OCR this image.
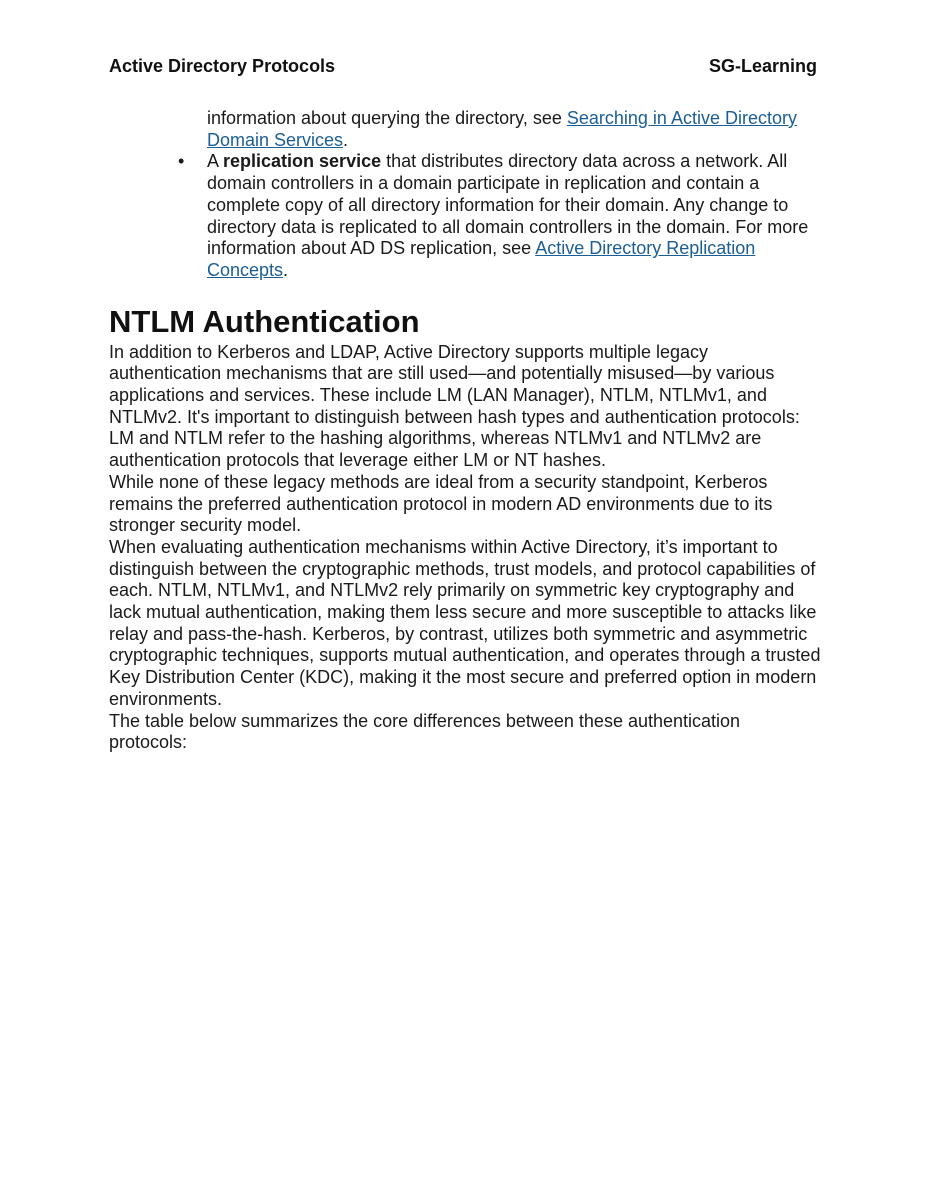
Active Directory Protocols	SG-Learning
information about querying the directory, see Searching in Active Directory Domain Services.
• A replication service that distributes directory data across a network. All domain controllers in a domain participate in replication and contain a complete copy of all directory information for their domain. Any change to directory data is replicated to all domain controllers in the domain. For more information about AD DS replication, see Active Directory Replication Concepts.
NTLM Authentication

In addition to Kerberos and LDAP, Active Directory supports multiple legacy authentication mechanisms that are still used—and potentially misused—by various applications and services. These include LM (LAN Manager), NTLM, NTLMv1, and NTLMv2. It's important to distinguish between hash types and authentication protocols: LM and NTLM refer to the hashing algorithms, whereas NTLMv1 and NTLMv2 are authentication protocols that leverage either LM or NT hashes.

While none of these legacy methods are ideal from a security standpoint, Kerberos remains the preferred authentication protocol in modern AD environments due to its stronger security model.

When evaluating authentication mechanisms within Active Directory, it’s important to distinguish between the cryptographic methods, trust models, and protocol capabilities of each. NTLM, NTLMv1, and NTLMv2 rely primarily on symmetric key cryptography and lack mutual authentication, making them less secure and more susceptible to attacks like relay and pass-the-hash. Kerberos, by contrast, utilizes both symmetric and asymmetric cryptographic techniques, supports mutual authentication, and operates through a trusted Key Distribution Center (KDC), making it the most secure and preferred option in modern environments.

The table below summarizes the core differences between these authentication protocols:
